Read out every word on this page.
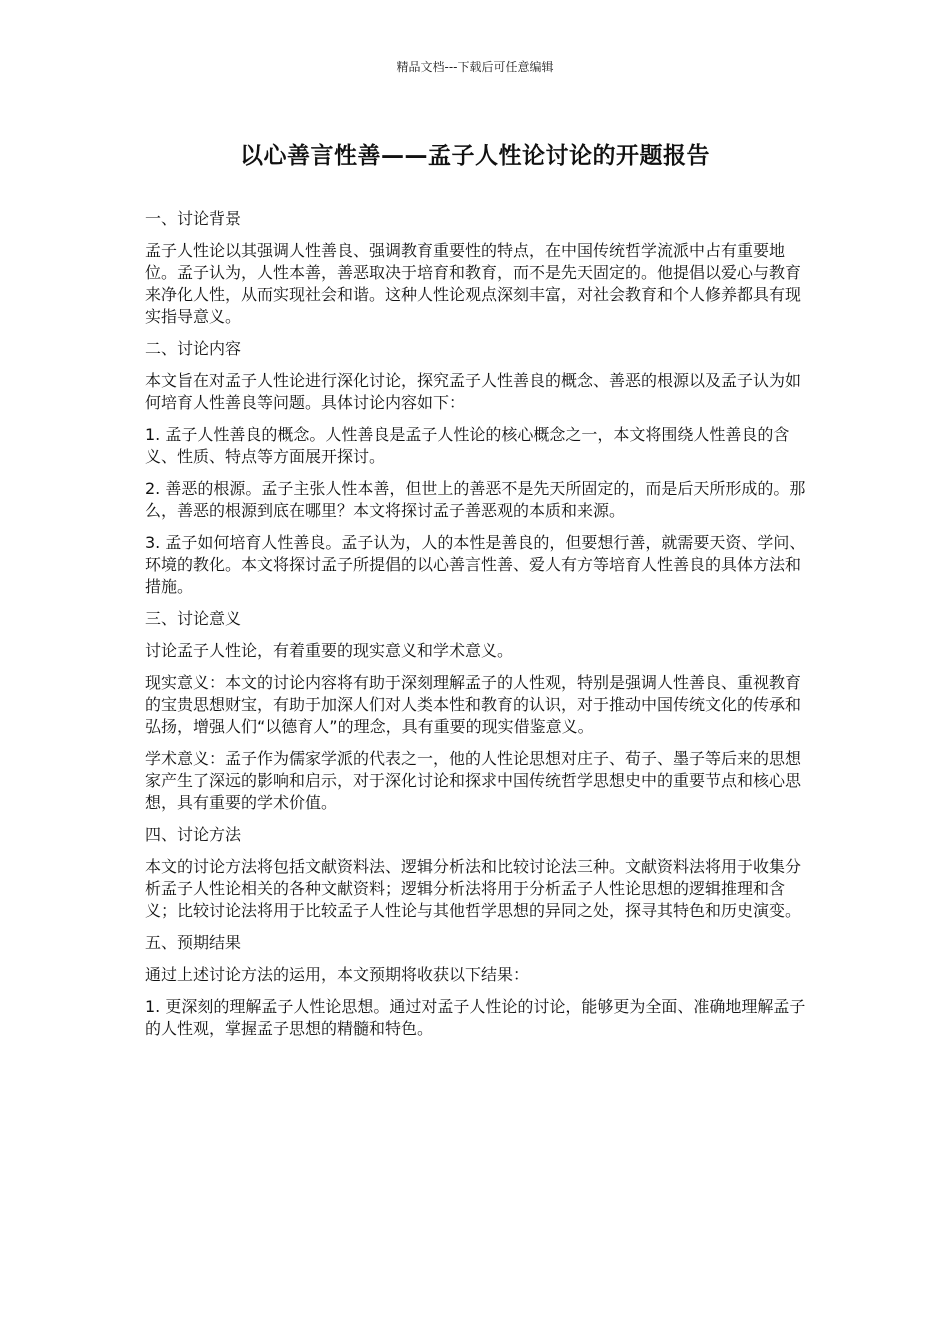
精品文档---下载后可任意编辑
以心善言性善——孟子人性论讨论的开题报告

一、讨论背景

孟子人性论以其强调人性善良、强调教育重要性的特点，在中国传统哲学流派中占有重要地位。孟子认为，人性本善，善恶取决于培育和教育，而不是先天固定的。他提倡以爱心与教育来净化人性，从而实现社会和谐。这种人性论观点深刻丰富，对社会教育和个人修养都具有现实指导意义。

二、讨论内容

本文旨在对孟子人性论进行深化讨论，探究孟子人性善良的概念、善恶的根源以及孟子认为如何培育人性善良等问题。具体讨论内容如下：

1. 孟子人性善良的概念。人性善良是孟子人性论的核心概念之一，本文将围绕人性善良的含义、性质、特点等方面展开探讨。

2. 善恶的根源。孟子主张人性本善，但世上的善恶不是先天所固定的，而是后天所形成的。那么，善恶的根源到底在哪里？本文将探讨孟子善恶观的本质和来源。

3. 孟子如何培育人性善良。孟子认为，人的本性是善良的，但要想行善，就需要天资、学问、环境的教化。本文将探讨孟子所提倡的以心善言性善、爱人有方等培育人性善良的具体方法和措施。

三、讨论意义

讨论孟子人性论，有着重要的现实意义和学术意义。

现实意义：本文的讨论内容将有助于深刻理解孟子的人性观，特别是强调人性善良、重视教育的宝贵思想财宝，有助于加深人们对人类本性和教育的认识，对于推动中国传统文化的传承和弘扬，增强人们“以德育人”的理念，具有重要的现实借鉴意义。

学术意义：孟子作为儒家学派的代表之一，他的人性论思想对庄子、荀子、墨子等后来的思想家产生了深远的影响和启示，对于深化讨论和探求中国传统哲学思想史中的重要节点和核心思想，具有重要的学术价值。

四、讨论方法

本文的讨论方法将包括文献资料法、逻辑分析法和比较讨论法三种。文献资料法将用于收集分析孟子人性论相关的各种文献资料；逻辑分析法将用于分析孟子人性论思想的逻辑推理和含义；比较讨论法将用于比较孟子人性论与其他哲学思想的异同之处，探寻其特色和历史演变。

五、预期结果

通过上述讨论方法的运用，本文预期将收获以下结果：

1. 更深刻的理解孟子人性论思想。通过对孟子人性论的讨论，能够更为全面、准确地理解孟子的人性观，掌握孟子思想的精髓和特色。
